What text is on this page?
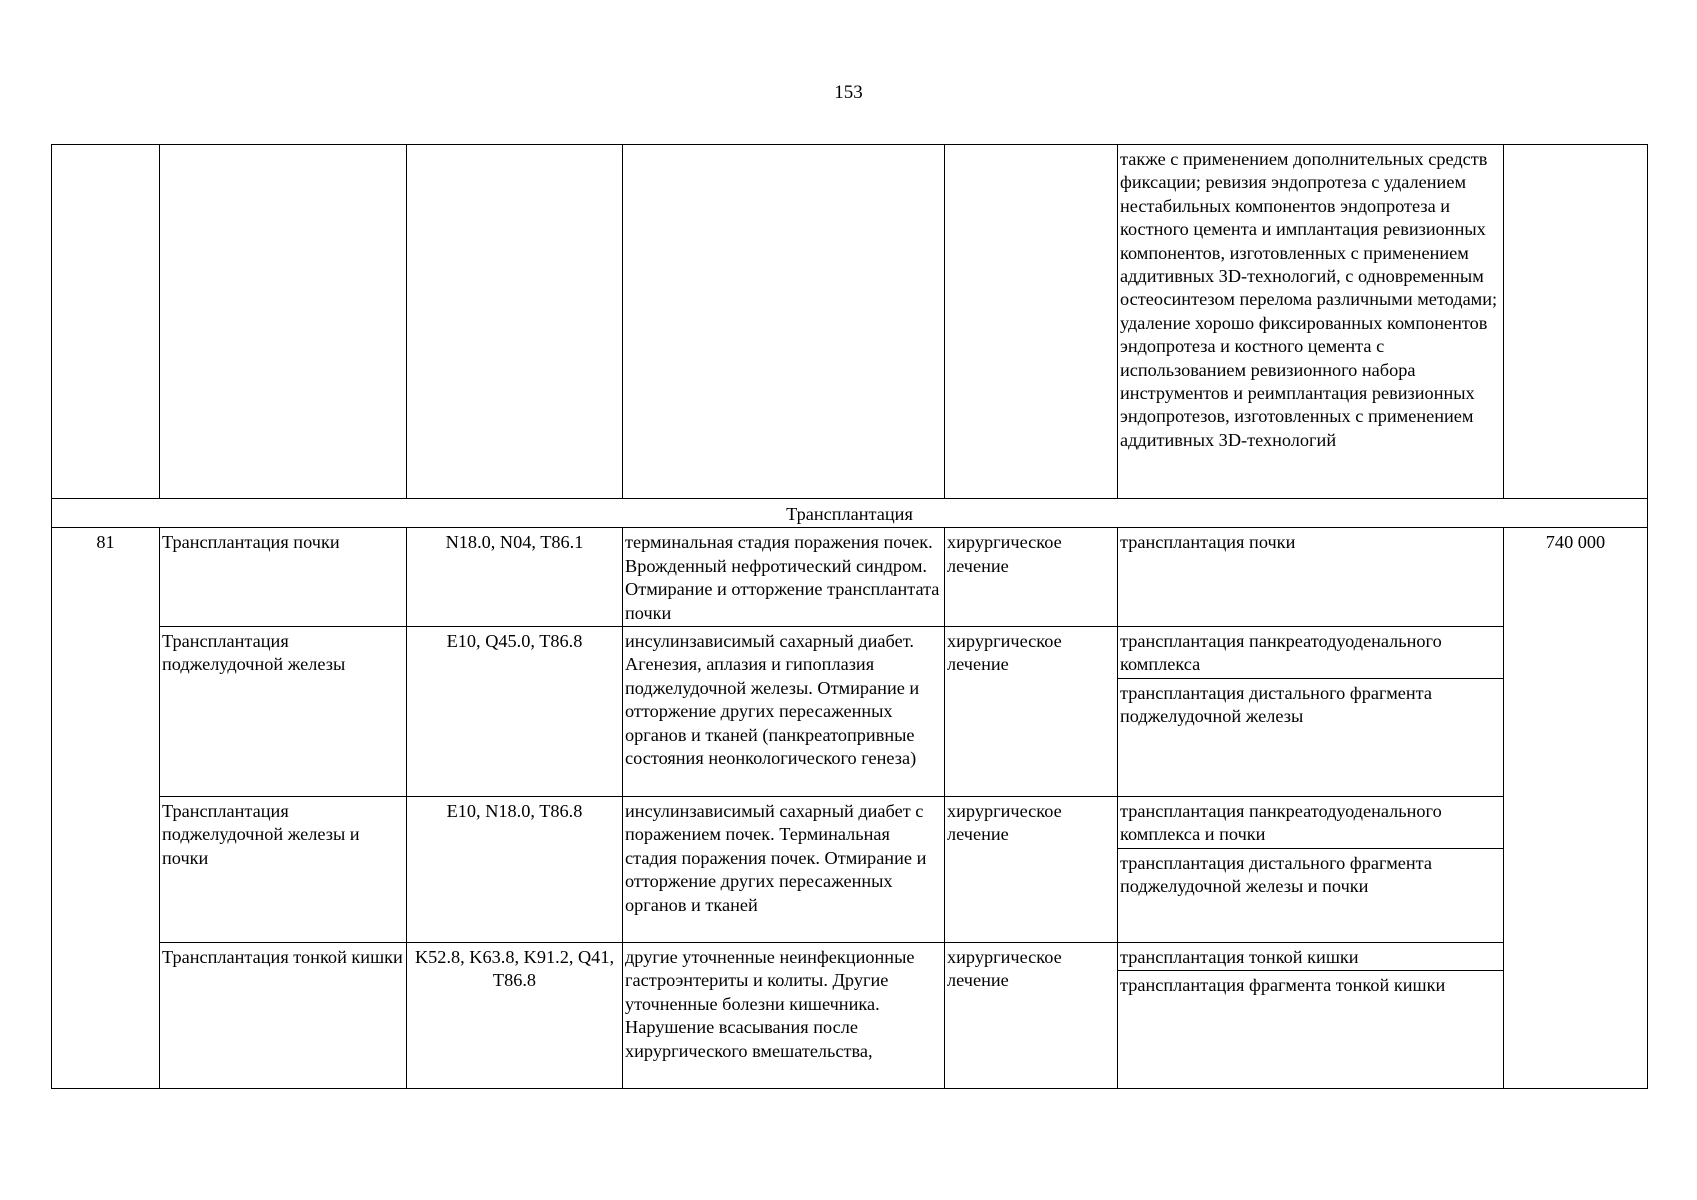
153
					также с применением дополнительных средств фиксации; ревизия эндопротеза с удалением нестабильных компонентов эндопротеза и костного цемента и имплантация ревизионных компонентов, изготовленных с применением аддитивных 3D-технологий, с одновременным остеосинтезом перелома различными методами; удаление хорошо фиксированных компонентов эндопротеза и костного цемента с использованием ревизионного набора инструментов и реимплантация ревизионных эндопротезов, изготовленных с применением аддитивных 3D-технологий	
Трансплантация						
81	Трансплантация почки	N18.0, N04, T86.1	терминальная стадия поражения почек. Врожденный нефротический синдром. Отмирание и отторжение трансплантата почки	хирургическое лечение	трансплантация почки	740 000
	Трансплантация поджелудочной железы	E10, Q45.0, T86.8	инсулинзависимый сахарный диабет. Агенезия, аплазия и гипоплазия поджелудочной железы. Отмирание и отторжение других пересаженных органов и тканей (панкреатопривные состояния неонкологического генеза)	хирургическое лечение	трансплантация панкреатодуоденального комплекса
трансплантация дистального фрагмента поджелудочной железы	

	Трансплантация поджелудочной железы и почки	E10, N18.0, T86.8	инсулинзависимый сахарный диабет с поражением почек. Терминальная стадия поражения почек. Отмирание и отторжение других пересаженных органов и тканей	хирургическое лечение	трансплантация панкреатодуоденального комплекса и почки
трансплантация дистального фрагмента поджелудочной железы и почки	

	Трансплантация тонкой кишки	K52.8, K63.8, K91.2, Q41, T86.8	другие уточненные неинфекционные гастроэнтериты и колиты. Другие уточненные болезни кишечника. Нарушение всасывания после хирургического вмешательства,	хирургическое лечение	трансплантация тонкой кишки
трансплантация фрагмента тонкой кишки	
